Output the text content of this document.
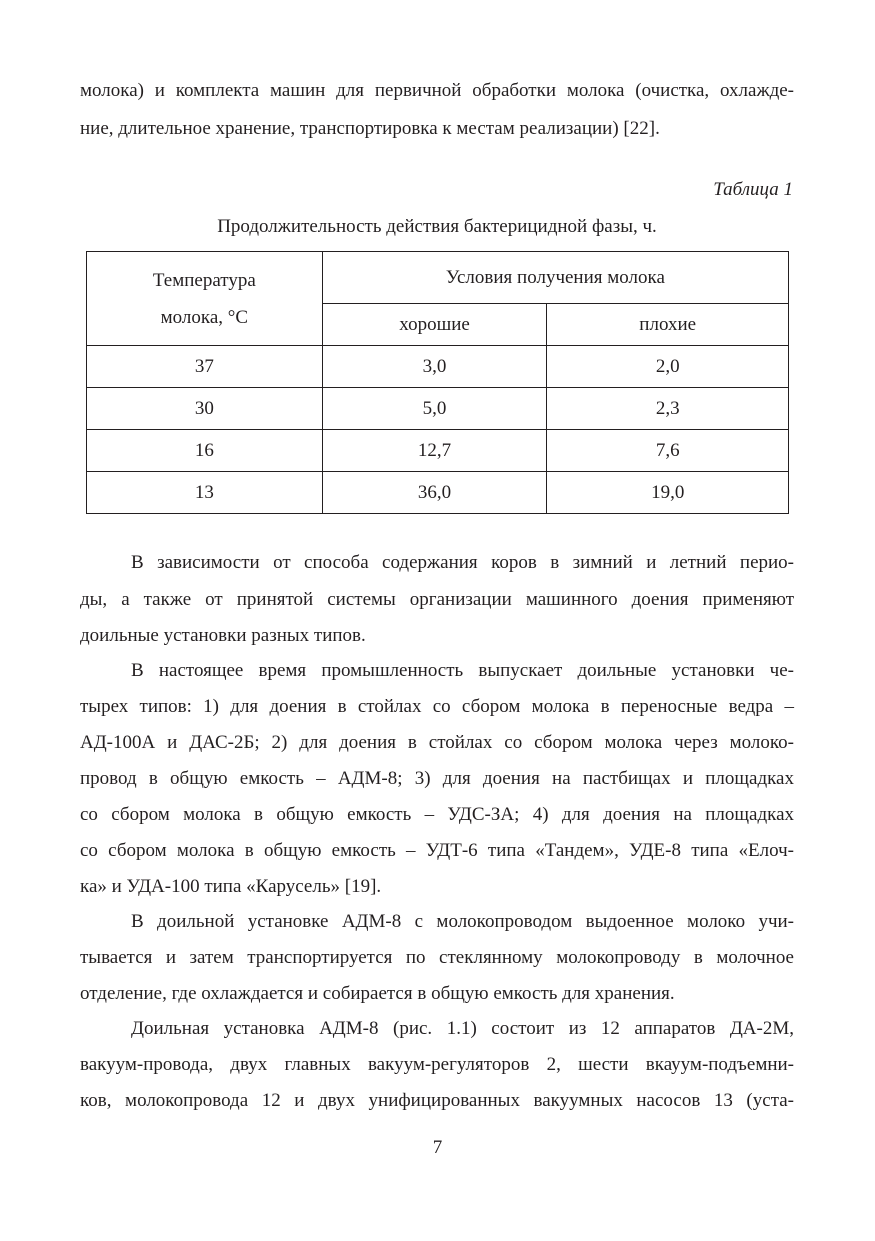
молока) и комплекта машин для первичной обработки молока (очистка, охлажде-
ние, длительное хранение, транспортировка к местам реализации) [22].
Таблица 1
Продолжительность действия бактерицидной фазы, ч.
Температура
молока, °С	Условия получения молока	
	хорошие	плохие
37	3,0	2,0
30	5,0	2,3
16	12,7	7,6
13	36,0	19,0
В зависимости от способа содержания коров в зимний и летний перио-
ды, а также от принятой системы организации машинного доения применяют
доильные установки разных типов.
В настоящее время промышленность выпускает доильные установки че-
тырех типов: 1) для доения в стойлах со сбором молока в переносные ведра –
АД-100А и ДАС-2Б; 2) для доения в стойлах со сбором молока через молоко-
провод в общую емкость – АДМ-8; 3) для доения на пастбищах и площадках
со сбором молока в общую емкость – УДС-ЗА; 4) для доения на площадках
со сбором молока в общую емкость – УДТ-6 типа «Тандем», УДЕ-8 типа «Елоч-
ка» и УДА-100 типа «Карусель» [19].
В доильной установке АДМ-8 с молокопроводом выдоенное молоко учи-
тывается и затем транспортируется по стеклянному молокопроводу в молочное
отделение, где охлаждается и собирается в общую емкость для хранения.
Доильная установка АДМ-8 (рис. 1.1) состоит из 12 аппаратов ДА-2М,
вакуум-провода, двух главных вакуум-регуляторов 2, шести вкауум-подъемни-
ков, молокопровода 12 и двух унифицированных вакуумных насосов 13 (уста-
7
